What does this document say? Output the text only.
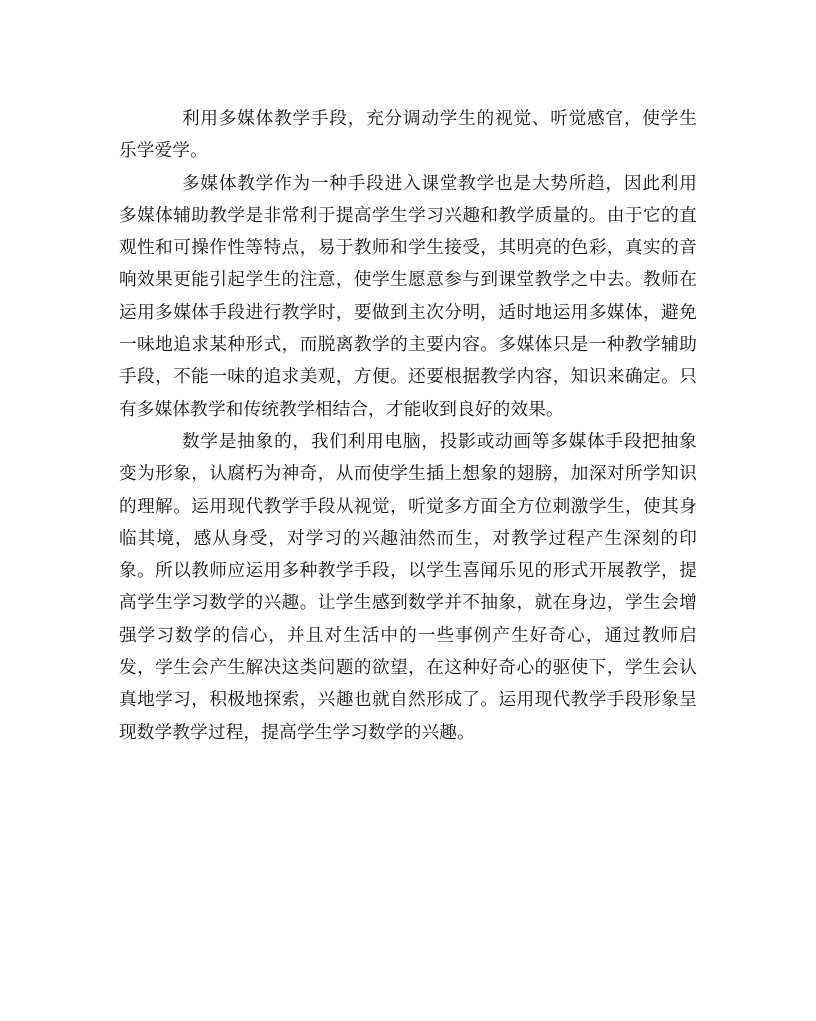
利用多媒体教学手段，充分调动学生的视觉、听觉感官，使学生乐学爱学。

多媒体教学作为一种手段进入课堂教学也是大势所趋，因此利用多媒体辅助教学是非常利于提高学生学习兴趣和教学质量的。由于它的直观性和可操作性等特点，易于教师和学生接受，其明亮的色彩，真实的音响效果更能引起学生的注意，使学生愿意参与到课堂教学之中去。教师在运用多媒体手段进行教学时，要做到主次分明，适时地运用多媒体，避免一味地追求某种形式，而脱离教学的主要内容。多媒体只是一种教学辅助手段，不能一味的追求美观，方便。还要根据教学内容，知识来确定。只有多媒体教学和传统教学相结合，才能收到良好的效果。

数学是抽象的，我们利用电脑，投影或动画等多媒体手段把抽象变为形象，认腐朽为神奇，从而使学生插上想象的翅膀，加深对所学知识的理解。运用现代教学手段从视觉，听觉多方面全方位刺激学生，使其身临其境，感从身受，对学习的兴趣油然而生，对教学过程产生深刻的印象。所以教师应运用多种教学手段，以学生喜闻乐见的形式开展教学，提高学生学习数学的兴趣。让学生感到数学并不抽象，就在身边，学生会增强学习数学的信心，并且对生活中的一些事例产生好奇心，通过教师启发，学生会产生解决这类问题的欲望，在这种好奇心的驱使下，学生会认真地学习，积极地探索，兴趣也就自然形成了。运用现代教学手段形象呈现数学教学过程，提高学生学习数学的兴趣。
